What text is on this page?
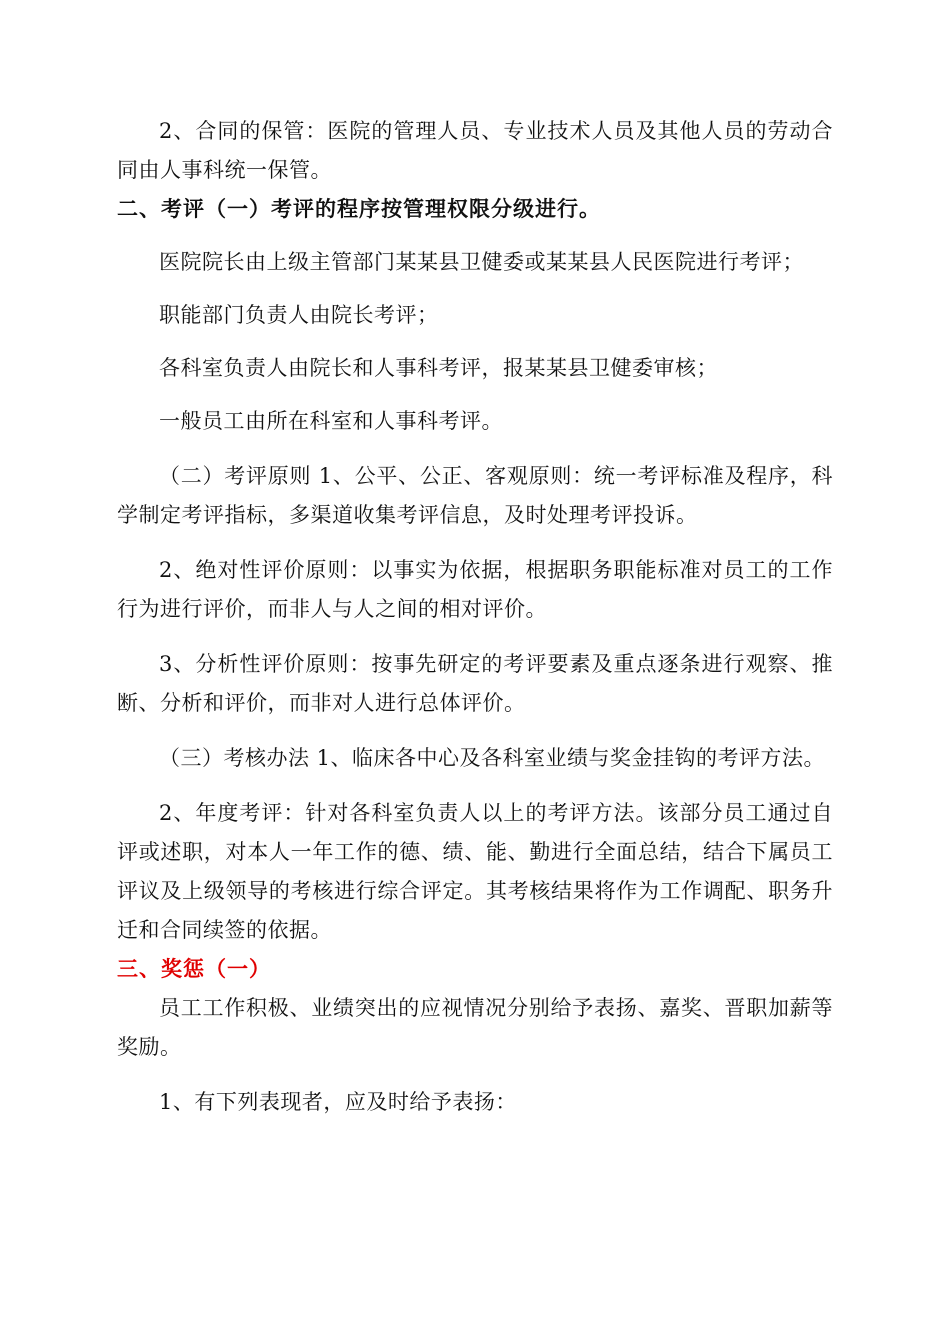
2、合同的保管：医院的管理人员、专业技术人员及其他人员的劳动合同由人事科统一保管。

二、考评（一）考评的程序按管理权限分级进行。

医院院长由上级主管部门某某县卫健委或某某县人民医院进行考评；

职能部门负责人由院长考评；

各科室负责人由院长和人事科考评，报某某县卫健委审核；

一般员工由所在科室和人事科考评。

（二）考评原则 1、公平、公正、客观原则：统一考评标准及程序，科学制定考评指标，多渠道收集考评信息，及时处理考评投诉。

2、绝对性评价原则：以事实为依据，根据职务职能标准对员工的工作行为进行评价，而非人与人之间的相对评价。

3、分析性评价原则：按事先研定的考评要素及重点逐条进行观察、推断、分析和评价，而非对人进行总体评价。

（三）考核办法 1、临床各中心及各科室业绩与奖金挂钩的考评方法。

2、年度考评：针对各科室负责人以上的考评方法。该部分员工通过自评或述职，对本人一年工作的德、绩、能、勤进行全面总结，结合下属员工评议及上级领导的考核进行综合评定。其考核结果将作为工作调配、职务升迁和合同续签的依据。

三、奖惩（一）

员工工作积极、业绩突出的应视情况分别给予表扬、嘉奖、晋职加薪等奖励。

1、有下列表现者，应及时给予表扬：
